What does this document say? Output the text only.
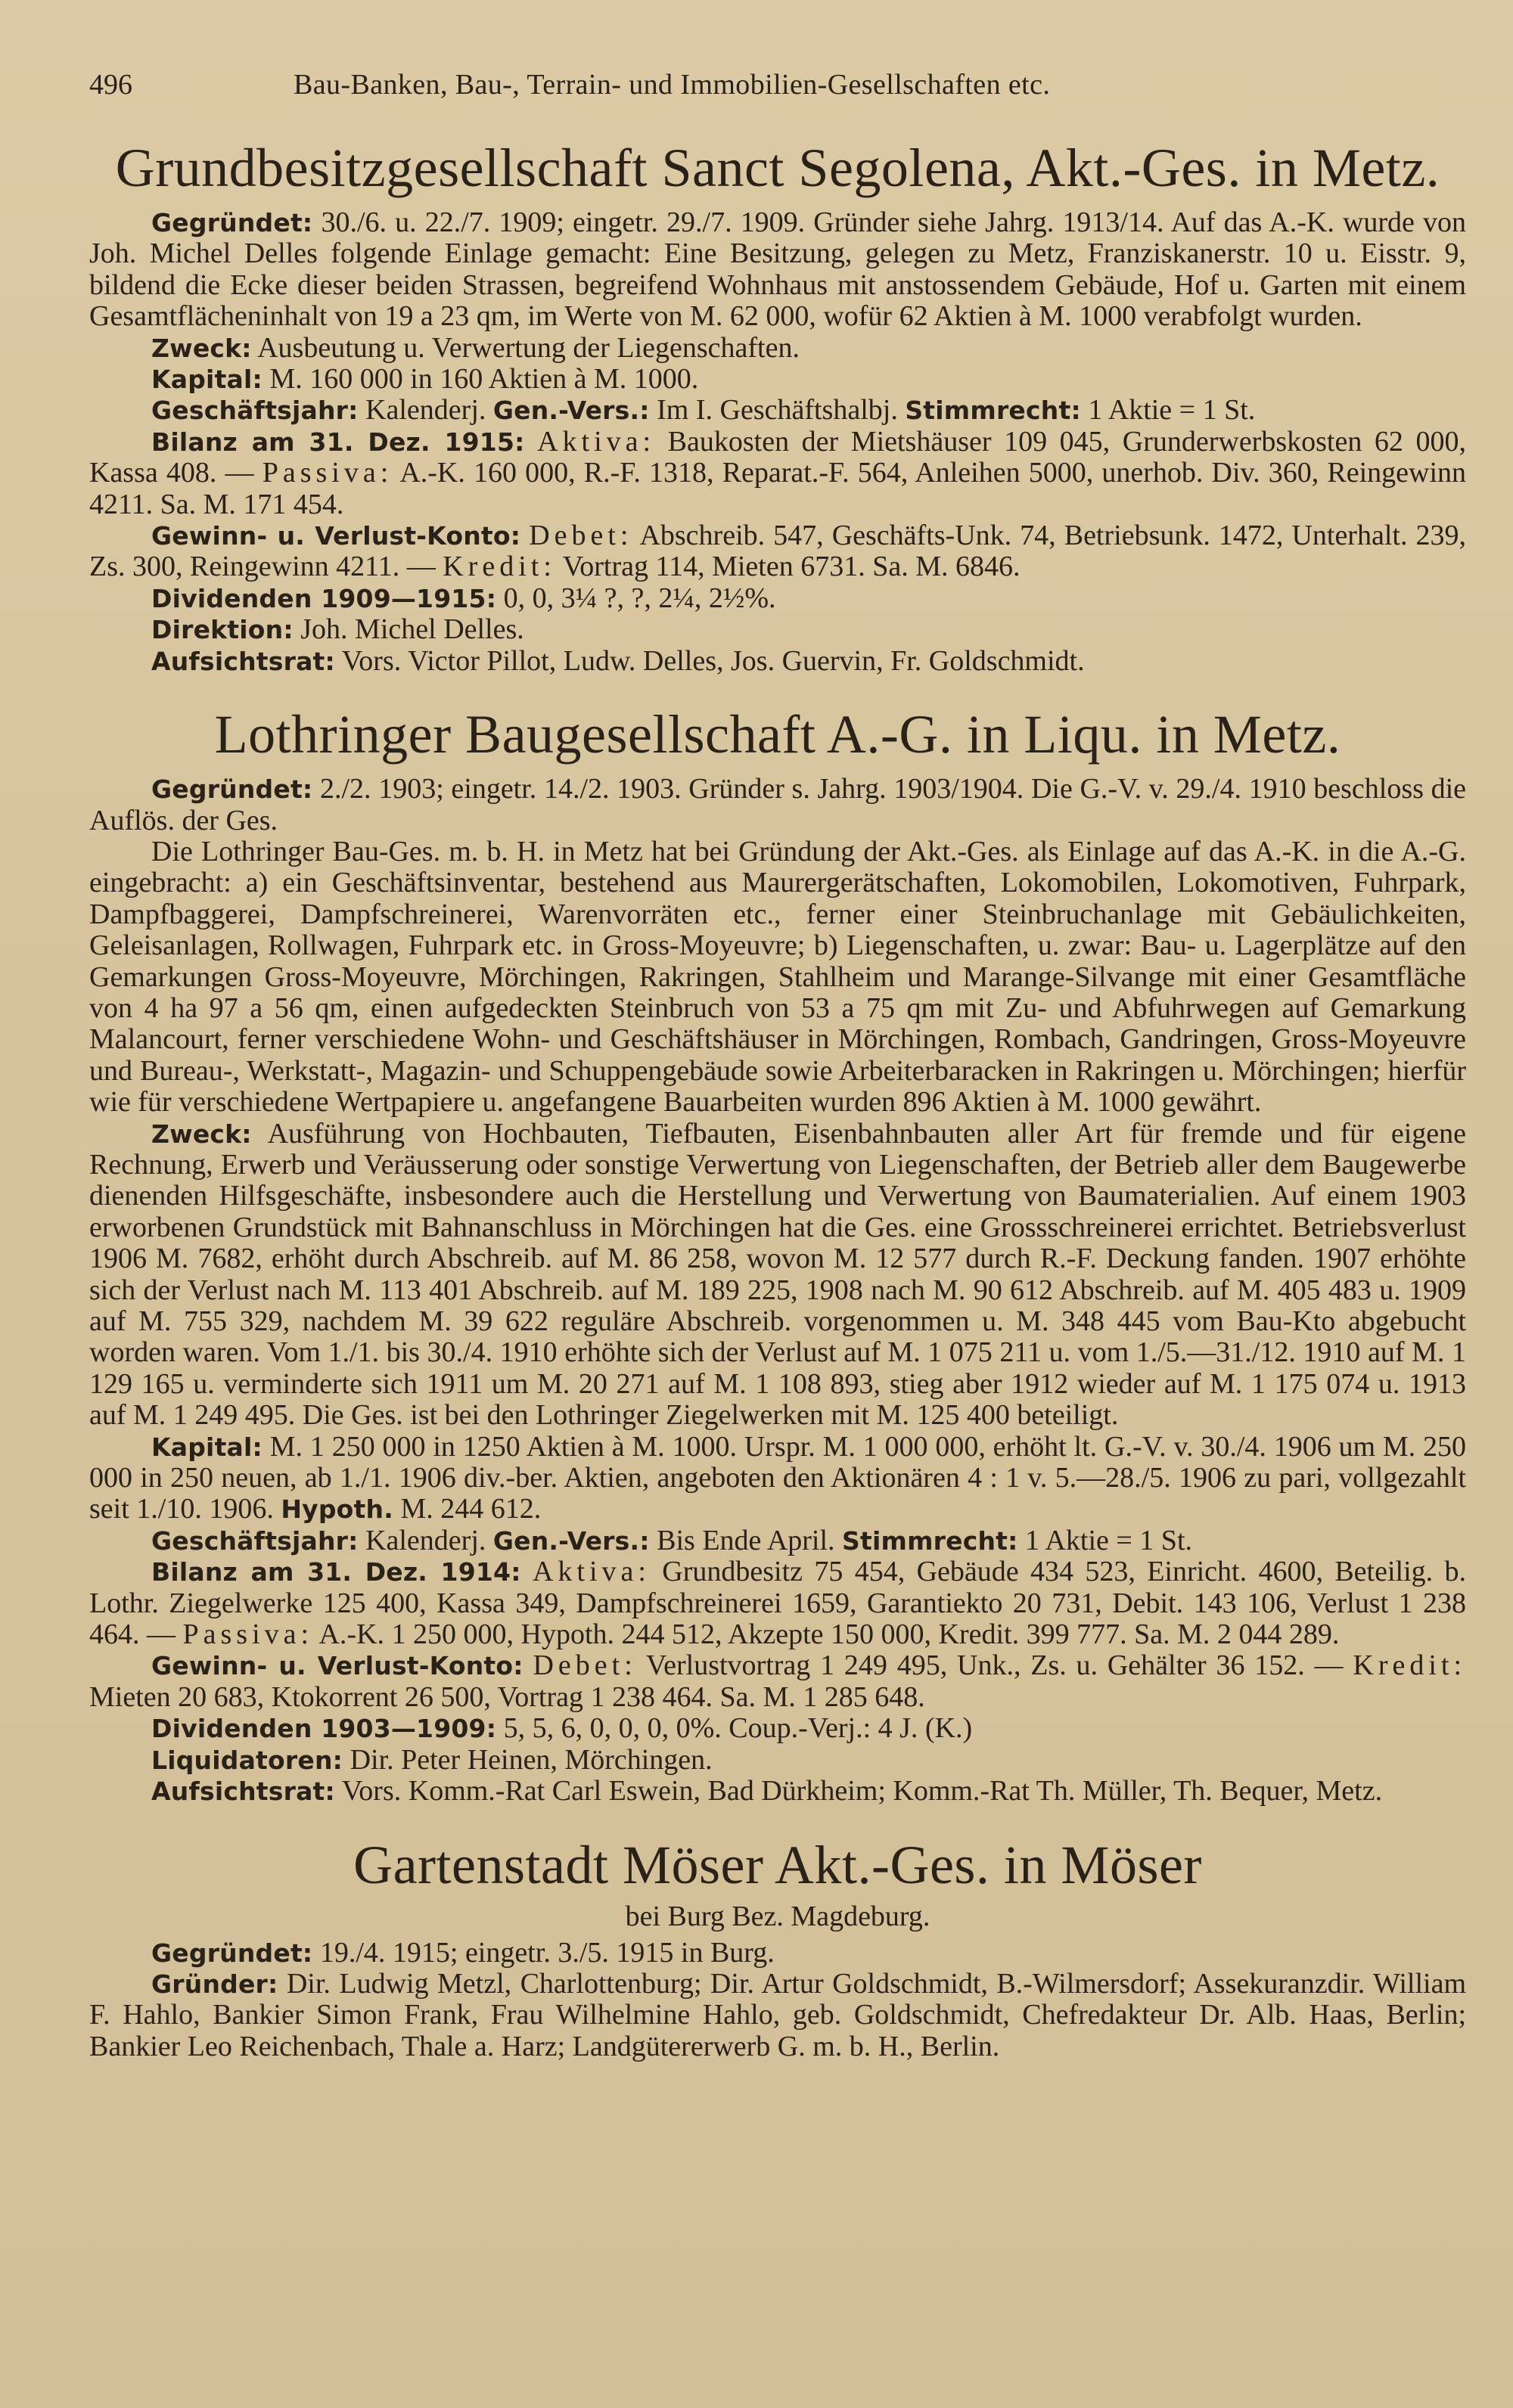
496	Bau-Banken, Bau-, Terrain- und Immobilien-Gesellschaften etc.
Grundbesitzgesellschaft Sanct Segolena, Akt.-Ges. in Metz.

Gegründet: 30./6. u. 22./7. 1909; eingetr. 29./7. 1909. Gründer siehe Jahrg. 1913/14. Auf das A.-K. wurde von Joh. Michel Delles folgende Einlage gemacht: Eine Besitzung, gelegen zu Metz, Franziskanerstr. 10 u. Eisstr. 9, bildend die Ecke dieser beiden Strassen, begreifend Wohnhaus mit anstossendem Gebäude, Hof u. Garten mit einem Gesamtflächeninhalt von 19 a 23 qm, im Werte von M. 62 000, wofür 62 Aktien à M. 1000 verabfolgt wurden.

Zweck: Ausbeutung u. Verwertung der Liegenschaften.

Kapital: M. 160 000 in 160 Aktien à M. 1000.

Geschäftsjahr: Kalenderj. Gen.-Vers.: Im I. Geschäftshalbj. Stimmrecht: 1 Aktie = 1 St.

Bilanz am 31. Dez. 1915: Aktiva: Baukosten der Mietshäuser 109 045, Grunderwerbskosten 62 000, Kassa 408. — Passiva: A.-K. 160 000, R.-F. 1318, Reparat.-F. 564, Anleihen 5000, unerhob. Div. 360, Reingewinn 4211. Sa. M. 171 454.

Gewinn- u. Verlust-Konto: Debet: Abschreib. 547, Geschäfts-Unk. 74, Betriebsunk. 1472, Unterhalt. 239, Zs. 300, Reingewinn 4211. — Kredit: Vortrag 114, Mieten 6731. Sa. M. 6846.

Dividenden 1909—1915: 0, 0, 3¼ ?, ?, 2¼, 2½%.

Direktion: Joh. Michel Delles.

Aufsichtsrat: Vors. Victor Pillot, Ludw. Delles, Jos. Guervin, Fr. Goldschmidt.

Lothringer Baugesellschaft A.-G. in Liqu. in Metz.

Gegründet: 2./2. 1903; eingetr. 14./2. 1903. Gründer s. Jahrg. 1903/1904. Die G.-V. v. 29./4. 1910 beschloss die Auflös. der Ges.

Die Lothringer Bau-Ges. m. b. H. in Metz hat bei Gründung der Akt.-Ges. als Einlage auf das A.-K. in die A.-G. eingebracht: a) ein Geschäftsinventar, bestehend aus Maurergerätschaften, Lokomobilen, Lokomotiven, Fuhrpark, Dampfbaggerei, Dampfschreinerei, Warenvorräten etc., ferner einer Steinbruchanlage mit Gebäulichkeiten, Geleisanlagen, Rollwagen, Fuhrpark etc. in Gross-Moyeuvre; b) Liegenschaften, u. zwar: Bau- u. Lagerplätze auf den Gemarkungen Gross-Moyeuvre, Mörchingen, Rakringen, Stahlheim und Marange-Silvange mit einer Gesamtfläche von 4 ha 97 a 56 qm, einen aufgedeckten Steinbruch von 53 a 75 qm mit Zu- und Abfuhrwegen auf Gemarkung Malancourt, ferner verschiedene Wohn- und Geschäftshäuser in Mörchingen, Rombach, Gandringen, Gross-Moyeuvre und Bureau-, Werkstatt-, Magazin- und Schuppengebäude sowie Arbeiterbaracken in Rakringen u. Mörchingen; hierfür wie für verschiedene Wertpapiere u. angefangene Bauarbeiten wurden 896 Aktien à M. 1000 gewährt.

Zweck: Ausführung von Hochbauten, Tiefbauten, Eisenbahnbauten aller Art für fremde und für eigene Rechnung, Erwerb und Veräusserung oder sonstige Verwertung von Liegenschaften, der Betrieb aller dem Baugewerbe dienenden Hilfsgeschäfte, insbesondere auch die Herstellung und Verwertung von Baumaterialien. Auf einem 1903 erworbenen Grundstück mit Bahnanschluss in Mörchingen hat die Ges. eine Grossschreinerei errichtet. Betriebsverlust 1906 M. 7682, erhöht durch Abschreib. auf M. 86 258, wovon M. 12 577 durch R.-F. Deckung fanden. 1907 erhöhte sich der Verlust nach M. 113 401 Abschreib. auf M. 189 225, 1908 nach M. 90 612 Abschreib. auf M. 405 483 u. 1909 auf M. 755 329, nachdem M. 39 622 reguläre Abschreib. vorgenommen u. M. 348 445 vom Bau-Kto abgebucht worden waren. Vom 1./1. bis 30./4. 1910 erhöhte sich der Verlust auf M. 1 075 211 u. vom 1./5.—31./12. 1910 auf M. 1 129 165 u. verminderte sich 1911 um M. 20 271 auf M. 1 108 893, stieg aber 1912 wieder auf M. 1 175 074 u. 1913 auf M. 1 249 495. Die Ges. ist bei den Lothringer Ziegelwerken mit M. 125 400 beteiligt.

Kapital: M. 1 250 000 in 1250 Aktien à M. 1000. Urspr. M. 1 000 000, erhöht lt. G.-V. v. 30./4. 1906 um M. 250 000 in 250 neuen, ab 1./1. 1906 div.-ber. Aktien, angeboten den Aktionären 4 : 1 v. 5.—28./5. 1906 zu pari, vollgezahlt seit 1./10. 1906. Hypoth. M. 244 612.

Geschäftsjahr: Kalenderj. Gen.-Vers.: Bis Ende April. Stimmrecht: 1 Aktie = 1 St.

Bilanz am 31. Dez. 1914: Aktiva: Grundbesitz 75 454, Gebäude 434 523, Einricht. 4600, Beteilig. b. Lothr. Ziegelwerke 125 400, Kassa 349, Dampfschreinerei 1659, Garantiekto 20 731, Debit. 143 106, Verlust 1 238 464. — Passiva: A.-K. 1 250 000, Hypoth. 244 512, Akzepte 150 000, Kredit. 399 777. Sa. M. 2 044 289.

Gewinn- u. Verlust-Konto: Debet: Verlustvortrag 1 249 495, Unk., Zs. u. Gehälter 36 152. — Kredit: Mieten 20 683, Ktokorrent 26 500, Vortrag 1 238 464. Sa. M. 1 285 648.

Dividenden 1903—1909: 5, 5, 6, 0, 0, 0, 0%. Coup.-Verj.: 4 J. (K.)

Liquidatoren: Dir. Peter Heinen, Mörchingen.

Aufsichtsrat: Vors. Komm.-Rat Carl Eswein, Bad Dürkheim; Komm.-Rat Th. Müller, Th. Bequer, Metz.

Gartenstadt Möser Akt.-Ges. in Möser
bei Burg Bez. Magdeburg.

Gegründet: 19./4. 1915; eingetr. 3./5. 1915 in Burg.

Gründer: Dir. Ludwig Metzl, Charlottenburg; Dir. Artur Goldschmidt, B.-Wilmersdorf; Assekuranzdir. William F. Hahlo, Bankier Simon Frank, Frau Wilhelmine Hahlo, geb. Goldschmidt, Chefredakteur Dr. Alb. Haas, Berlin; Bankier Leo Reichenbach, Thale a. Harz; Landgütererwerb G. m. b. H., Berlin.
